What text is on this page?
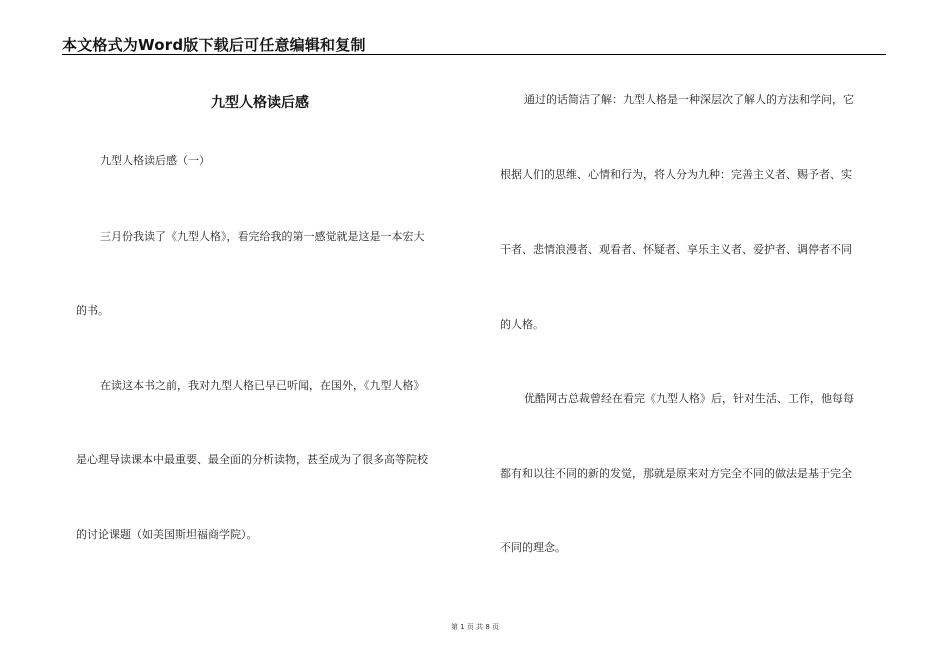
本文格式为Word版下载后可任意编辑和复制
九型人格读后感
九型人格读后感（一）
三月份我读了《九型人格》，看完给我的第一感觉就是这是一本宏大
的书。
在读这本书之前，我对九型人格已早已听闻，在国外，《九型人格》
是心理导读课本中最重要、最全面的分析读物，甚至成为了很多高等院校
的讨论课题（如美国斯坦福商学院）。
通过的话简洁了解：九型人格是一种深层次了解人的方法和学问，它
根据人们的思维、心情和行为，将人分为九种：完善主义者、赐予者、实
干者、悲情浪漫者、观看者、怀疑者、享乐主义者、爱护者、调停者不同
的人格。
优酷网古总裁曾经在看完《九型人格》后，针对生活、工作，他每每
都有和以往不同的新的发觉，那就是原来对方完全不同的做法是基于完全
不同的理念。
第 1 页 共 8 页
